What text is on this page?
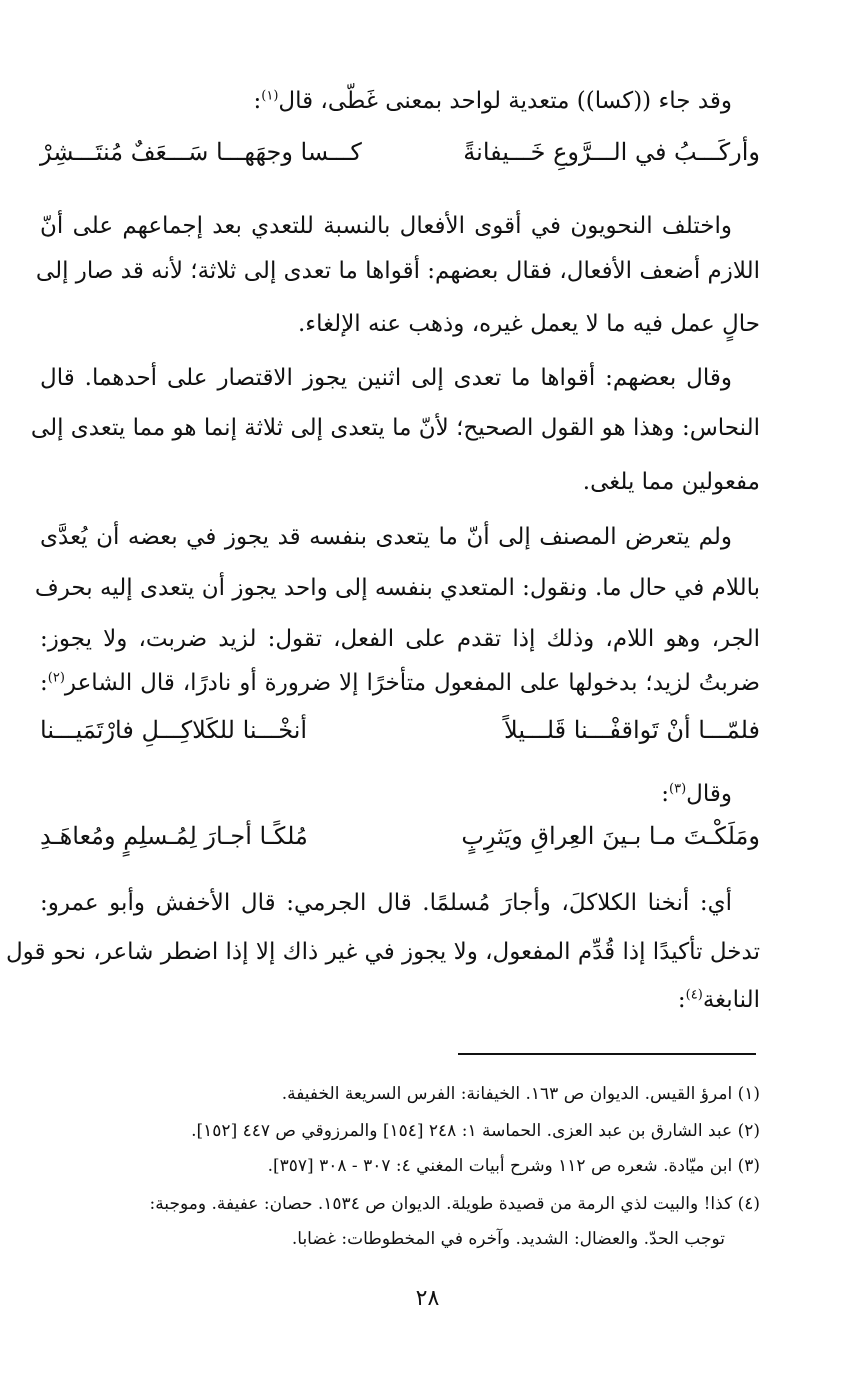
وقد جاء ((كسا)) متعدية لواحد بمعنى غَطّى، قال$^{(١)}$:
وأركَـــبُ في الـــرَّوعِ خَـــيفانةً
كـــسا وجهَهـــا سَـــعَفٌ مُنتَـــشِرْ
واختلف النحويون في أقوى الأفعال بالنسبة للتعدي بعد إجماعهم على أنّ
اللازم أضعف الأفعال، فقال بعضهم: أقواها ما تعدى إلى ثلاثة؛ لأنه قد صار إلى
حالٍ عمل فيه ما لا يعمل غيره، وذهب عنه الإلغاء.
وقال بعضهم: أقواها ما تعدى إلى اثنين يجوز الاقتصار على أحدهما. قال
النحاس: وهذا هو القول الصحيح؛ لأنّ ما يتعدى إلى ثلاثة إنما هو مما يتعدى إلى
مفعولين مما يلغى.
ولم يتعرض المصنف إلى أنّ ما يتعدى بنفسه قد يجوز في بعضه أن يُعدَّى
باللام في حال ما. ونقول: المتعدي بنفسه إلى واحد يجوز أن يتعدى إليه بحرف
الجر، وهو اللام، وذلك إذا تقدم على الفعل، تقول: لزيد ضربت، ولا يجوز:
ضربتُ لزيد؛ بدخولها على المفعول متأخرًا إلا ضرورة أو نادرًا، قال الشاعر$^{(٢)}$:
فلمّـــا أنْ تَواقفْـــنا قَلـــيلاً
أنخْـــنا للكَلاكِـــلِ فارْتَمَيـــنا
وقال$^{(٣)}$:
ومَلَكْـتَ مـا بـينَ العِراقِ ويَثرِبٍ
مُلكًـا أجـارَ لِمُـسلِمٍ ومُعاهَـدِ
أي: أنخنا الكلاكلَ، وأجارَ مُسلمًا. قال الجرمي: قال الأخفش وأبو عمرو:
تدخل تأكيدًا إذا قُدِّم المفعول، ولا يجوز في غير ذاك إلا إذا اضطر شاعر، نحو قول
النابغة$^{(٤)}$:
(١) امرؤ القيس. الديوان ص ١٦٣. الخيفانة: الفرس السريعة الخفيفة.
(٢) عبد الشارق بن عبد العزى. الحماسة ١: ٢٤٨ [١٥٤] والمرزوقي ص ٤٤٧ [١٥٢].
(٣) ابن ميّادة. شعره ص ١١٢ وشرح أبيات المغني ٤: ٣٠٧ - ٣٠٨ [٣٥٧].
(٤) كذا! والبيت لذي الرمة من قصيدة طويلة. الديوان ص ١٥٣٤. حصان: عفيفة. وموجبة:
توجب الحدّ. والعضال: الشديد. وآخره في المخطوطات: غضابا.
٢٨
